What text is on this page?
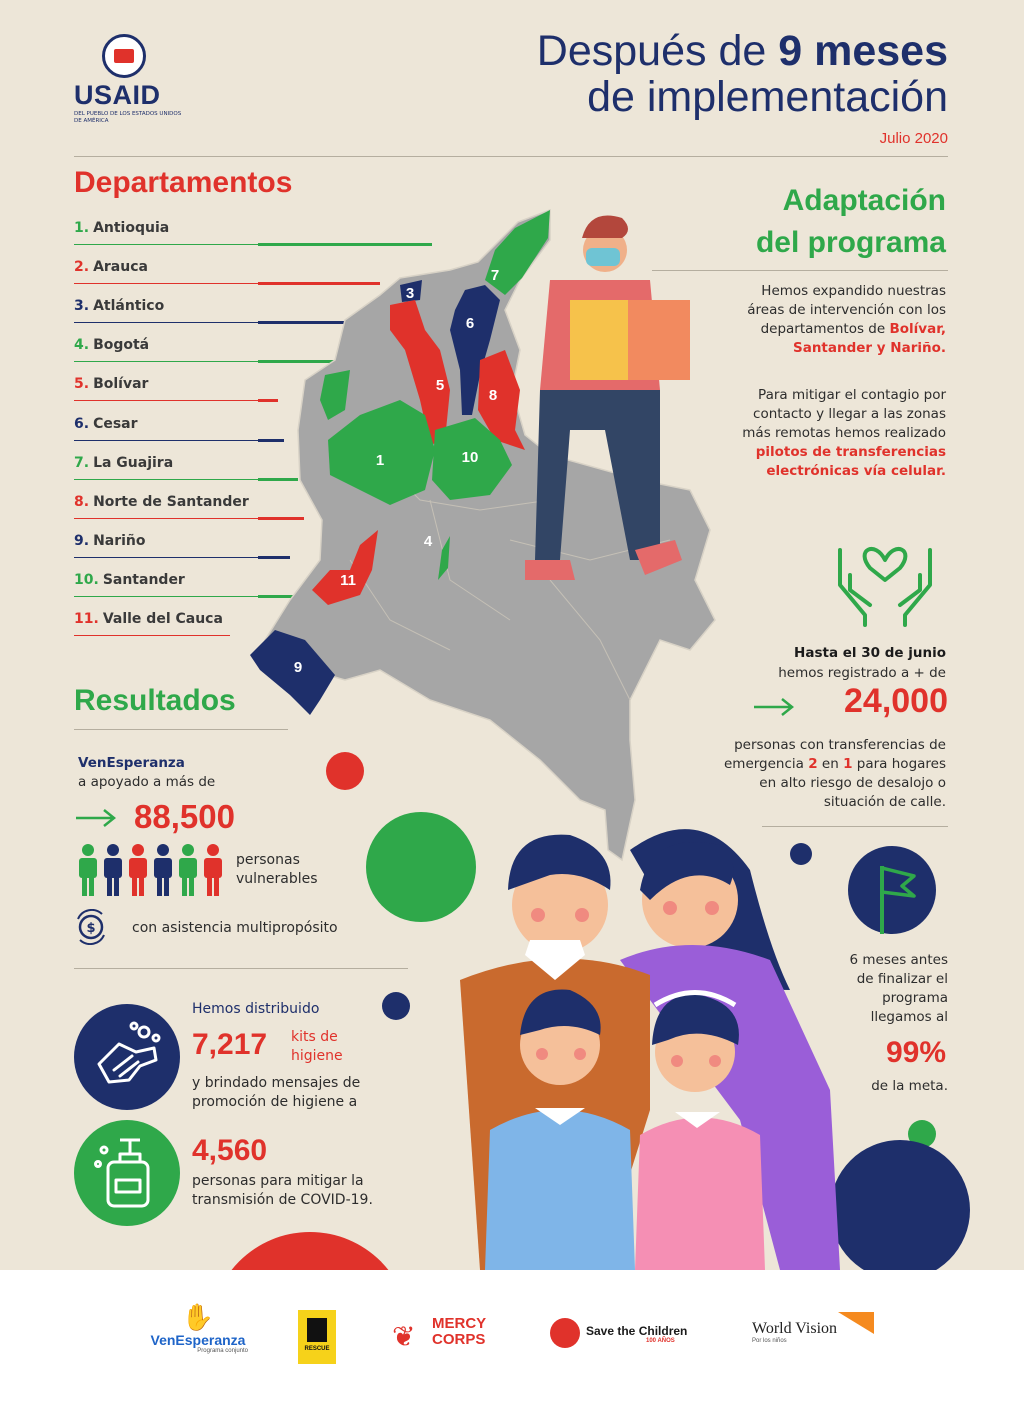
USAID
DEL PUEBLO DE LOS ESTADOS UNIDOS DE AMÉRICA
Después de 9 meses
de implementación
Julio 2020
Departamentos
1. Antioquia
2. Arauca
3. Atlántico
4. Bogotá
5. Bolívar
6. Cesar
7. La Guajira
8. Norte de Santander
9. Nariño
10. Santander
11. Valle del Cauca
1
3
4
5
6
7
8
9
10
11
Adaptación
del programa
Hemos expandido nuestras
áreas de intervención con los
departamentos de Bolívar,
Santander y Nariño.
Para mitigar el contagio por
contacto y llegar a las zonas
más remotas hemos realizado
pilotos de transferencias
electrónicas vía celular.
Hasta el 30 de junio
hemos registrado a + de
24,000
personas con transferencias de
emergencia 2 en 1 para hogares
en alto riesgo de desalojo o
situación de calle.
Resultados
VenEsperanza
a apoyado a más de
88,500
personas
vulnerables
$	con asistencia multipropósito
Hemos distribuido
7,217 kits de
higiene
y brindado mensajes de
promoción de higiene a
4,560
personas para mitigar la
transmisión de COVID-19.
6 meses antes
de finalizar el
programa
llegamos al
99%
de la meta.
✋
VenEsperanza
Programa conjunto	RESCUE ❦ MERCY
CORPS	Save the Children
100 AÑOS
World Vision
Por los niños
